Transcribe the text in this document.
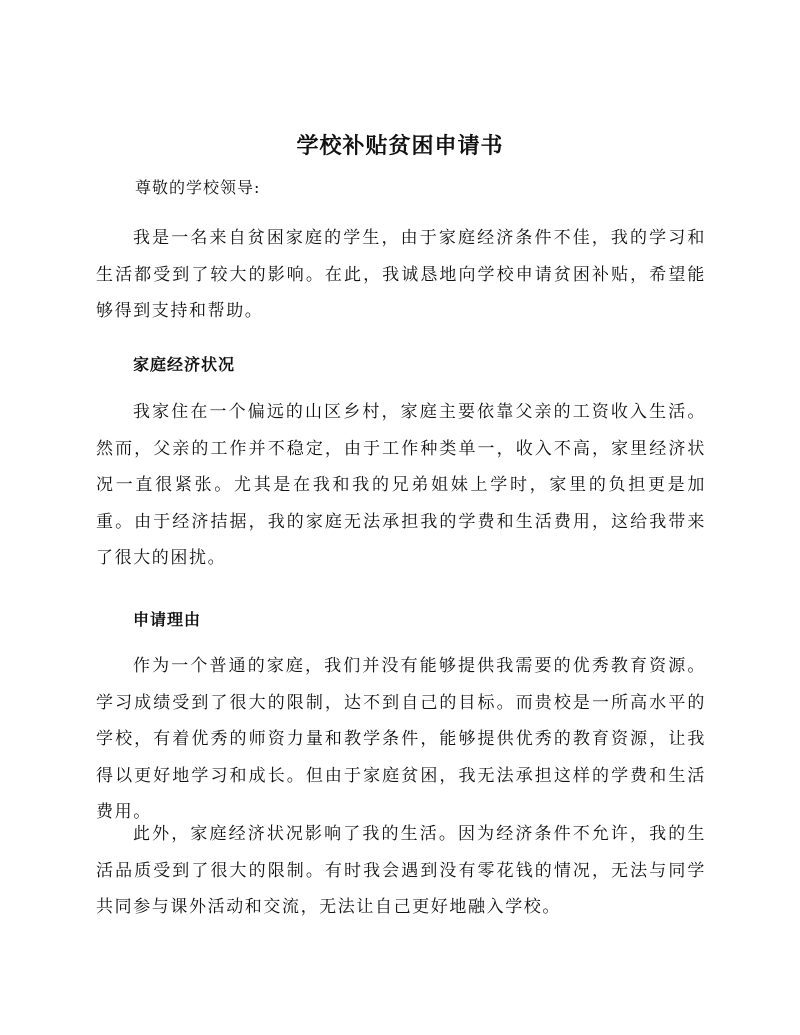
学校补贴贫困申请书
尊敬的学校领导:

我是一名来自贫困家庭的学生，由于家庭经济条件不佳，我的学习和生活都受到了较大的影响。在此，我诚恳地向学校申请贫困补贴，希望能够得到支持和帮助。

家庭经济状况

我家住在一个偏远的山区乡村，家庭主要依靠父亲的工资收入生活。然而，父亲的工作并不稳定，由于工作种类单一，收入不高，家里经济状况一直很紧张。尤其是在我和我的兄弟姐妹上学时，家里的负担更是加重。由于经济拮据，我的家庭无法承担我的学费和生活费用，这给我带来了很大的困扰。

申请理由

作为一个普通的家庭，我们并没有能够提供我需要的优秀教育资源。学习成绩受到了很大的限制，达不到自己的目标。而贵校是一所高水平的学校，有着优秀的师资力量和教学条件，能够提供优秀的教育资源，让我得以更好地学习和成长。但由于家庭贫困，我无法承担这样的学费和生活费用。

此外，家庭经济状况影响了我的生活。因为经济条件不允许，我的生活品质受到了很大的限制。有时我会遇到没有零花钱的情况，无法与同学共同参与课外活动和交流，无法让自己更好地融入学校。
